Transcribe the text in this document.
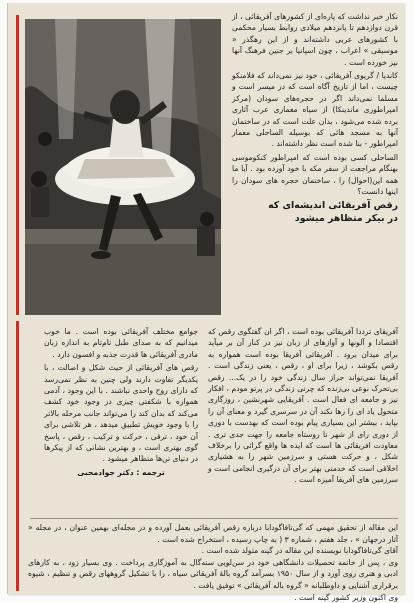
نکار خبر نداشت که پاره‌ای از کشورهای آفریقائی ، از قرن دوازدهم تا پانزدهم میلادی روابط بسیار محکمی با کشورهای عربی داشته‌اند و از این رهگذر « موسیقی » اعراب ، چون اسپانیا بر جنین فرهنگ آنها نیز خورده است .

کاندیا / گریوی آفریقائی ، خود نیز نمی‌داند که فلامنکو چیست ، اما از تاریخ آگاه است که در میسر است و مسلما نمی‌داند اگر در حجره‌های سودان (مرکز امپراطوری ماندینکا) از سیاه معماری عرب آثاری برده شده می‌شود ، بدان علت است که در ساختمان آنها به مسجد هائی که بوسیله الساحلی معمار امپراطور - بنا شده است نظر داشته‌اند .

الساحلی کسی بوده است که امپراطور کنکوموسی بهنگام مراجعت از سفر مکه با خود آورده بود . آیا ما همه این(احوال) را ، ساختمان حجره های سودان را اینها دانست؟

رقص آفریقائی اندیشه‌ای که
در بیکر متظاهر میشود

آفریقای ترددا آفریقائی بوده است ، اگر ان گفتگوی رقص که اقتصادا و آلونها و آوازهای از زبان نیز در کنار آن بر میآید برای میدان برود . آفریقائی آفریقا بوده است همواره به رقص بکوشد ، زیرا برای او ، رقص ، یعنی زندگی است . آفریقا نمی‌تواند جراز سال زندگی خود را در یک... رقص بی‌تحرک نوعی بی‌زنده که چرتی زندگی در پرتو مودم ، افکار نیز و جامعه ای فعال است . آفریقایی شهرنشین ، روزگاری متحول یاد ای را رها نکند آن در سرسری گیرد و معنای آن را بپاید ، بیشتر این بسیاری پیام بوده است که بهدست با دوری از دوری رای از شهر تا روستاه جامعه را جهت جدی تری . معاودت افریقائی ها است که ایده ها واقع گرائی را برخلاف شکل ، و حرکت هستی و سرزمین شهر را به هشیاری اخلاقی است که خدمتی بهتر برای آن درگیری انجامی است و سرزمین های آفریقا آمیزه است .

جوامع مختلف آفریقائی بوده است . ما خوب میدانیم که به صدای طبل تام‌تام به اندازه زبان مادری آفریقائی ها قدرت جذبه و افسون دارد .

رقص های آفریقائی از حیث شکل و اصالت ، با یکدیگر تفاوت دارند ولی چنین به نظر نمی‌رسد که دارای روح واحدی نباشند . با این وجود ، آدمی همواره با شکفتی چیزی در وجود خود کشف می‌کند که بدان کند را می‌تواند جانب مرحله بالاتر را با وجود خویش تطبیق میدهد ، هر تلاشی برای آن خود ، ترقی ، حرکت و ترکیب ، رقص ، پاسخ گوی بهتری است ، و بهترین نشانی که از پیکرها در دنیای تن‌ها متظاهر میشود .

ترجمه : دکتر جوادمحبی

این مقاله از تحقیق مهمی که گی‌تافاگودابا درباره رقص آفریقائی بعمل آورده و در مجله‌ای بهمین عنوان ، در مجله « آثار درجهان » ، جلد هفتم ، شماره ۳ ( به چاپ رسیده ، استخراج شده است .

آقای گی‌تافاگودابا نویسنده این مقاله در گینه متولد شده است .

وی ، پس از خاتمه تحصیلات دانشگاهی خود در سن‌لویی سنه‌گال به آموزگاری پرداخت . وی بسیار زود ، به کارهای ادبی و هنری روی آورد و از سال ۱۹۵۰ بسرآمد گروه بالهٔ آفریقائی سیاه ، را با تشکیل گروههای رقص و تنظیم ، شیوه برقراری آشنایی و داوطلبانه « گروه باله آفریقائی » توفیق یافت .

وی اکنون وزیر کشور گینه است .
